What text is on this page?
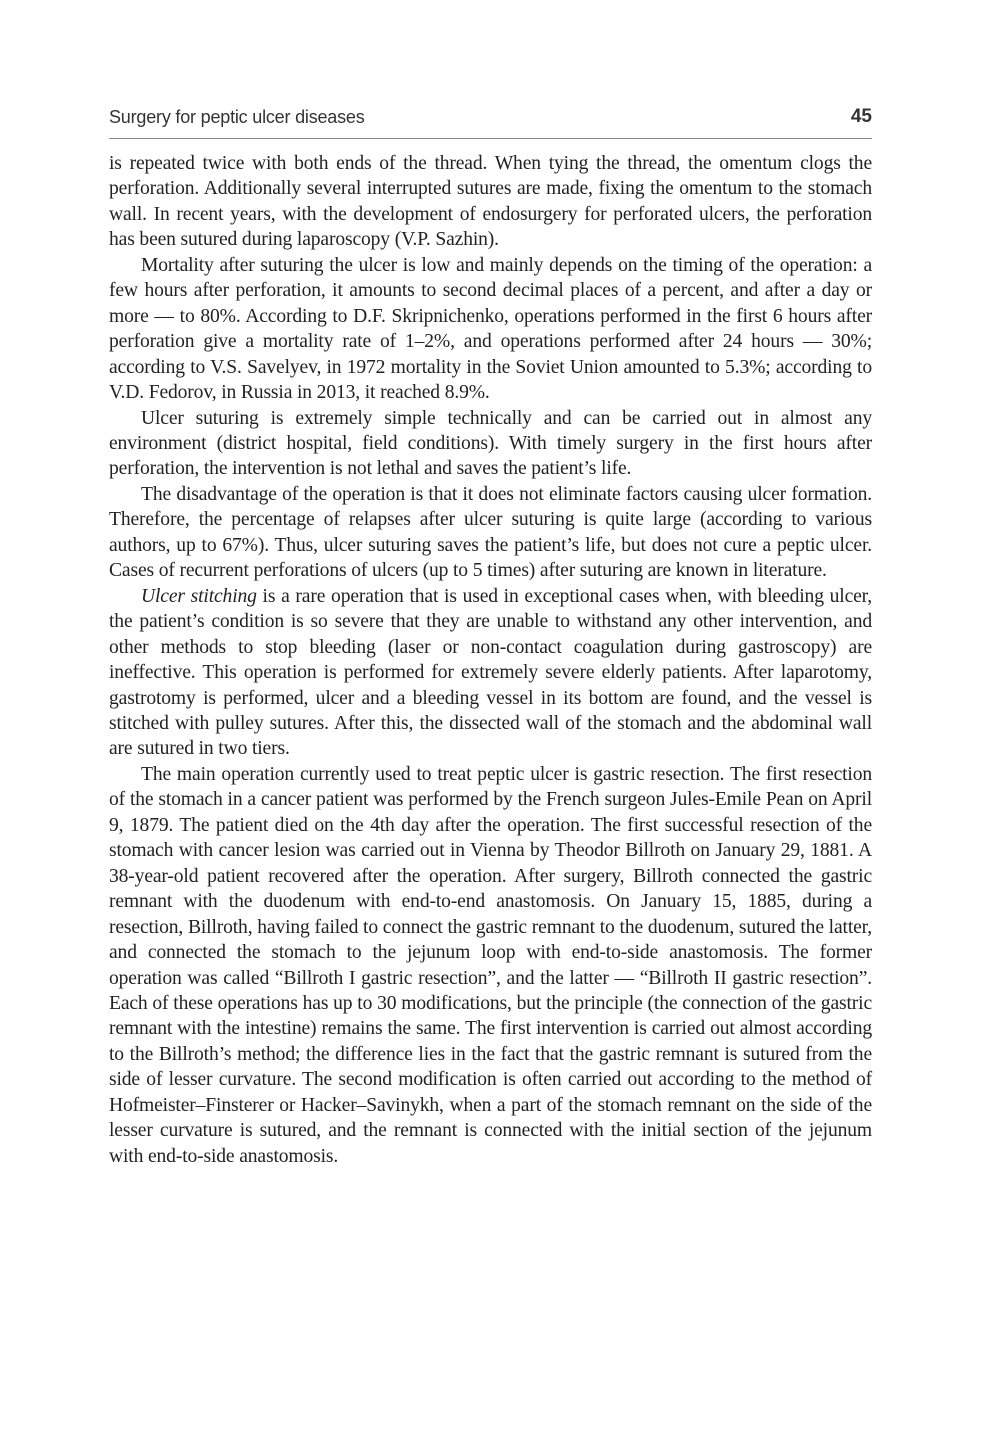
Surgery for peptic ulcer diseases	45

is repeated twice with both ends of the thread. When tying the thread, the omentum clogs the perforation. Additionally several interrupted sutures are made, fixing the omentum to the stomach wall. In recent years, with the development of endosurgery for perforated ulcers, the perforation has been sutured during laparoscopy (V.P. Sazhin).

Mortality after suturing the ulcer is low and mainly depends on the timing of the operation: a few hours after perforation, it amounts to second decimal places of a percent, and after a day or more — to 80%. According to D.F. Skripnichenko, operations performed in the first 6 hours after perforation give a mortality rate of 1–2%, and operations performed after 24 hours — 30%; according to V.S. Savelyev, in 1972 mortality in the Soviet Union amounted to 5.3%; according to V.D. Fedorov, in Russia in 2013, it reached 8.9%.

Ulcer suturing is extremely simple technically and can be carried out in almost any environment (district hospital, field conditions). With timely surgery in the first hours after perforation, the intervention is not lethal and saves the patient’s life.

The disadvantage of the operation is that it does not eliminate factors causing ulcer formation. Therefore, the percentage of relapses after ulcer suturing is quite large (according to various authors, up to 67%). Thus, ulcer suturing saves the patient’s life, but does not cure a peptic ulcer. Cases of recurrent perforations of ulcers (up to 5 times) after suturing are known in literature.

Ulcer stitching is a rare operation that is used in exceptional cases when, with bleeding ulcer, the patient’s condition is so severe that they are unable to withstand any other intervention, and other methods to stop bleeding (laser or non-contact coagulation during gastroscopy) are ineffective. This operation is performed for extremely severe elderly patients. After laparotomy, gastrotomy is performed, ulcer and a bleeding vessel in its bottom are found, and the vessel is stitched with pulley sutures. After this, the dissected wall of the stomach and the abdominal wall are sutured in two tiers.

The main operation currently used to treat peptic ulcer is gastric resection. The first resection of the stomach in a cancer patient was performed by the French surgeon Jules-Emile Pean on April 9, 1879. The patient died on the 4th day after the operation. The first successful resection of the stomach with cancer lesion was carried out in Vienna by Theodor Billroth on January 29, 1881. A 38-year-old patient recovered after the operation. After surgery, Billroth connected the gastric remnant with the duodenum with end-to-end anastomosis. On January 15, 1885, during a resection, Billroth, having failed to connect the gastric remnant to the duodenum, sutured the latter, and connected the stomach to the jejunum loop with end-to-side anastomosis. The former operation was called “Billroth I gastric resection”, and the latter — “Billroth II gastric resection”. Each of these operations has up to 30 modifications, but the principle (the connection of the gastric remnant with the intestine) remains the same. The first intervention is carried out almost according to the Billroth’s method; the difference lies in the fact that the gastric remnant is sutured from the side of lesser curvature. The second modification is often carried out according to the method of Hofmeister–Finsterer or Hacker–Savinykh, when a part of the stomach remnant on the side of the lesser curvature is sutured, and the remnant is connected with the initial section of the jejunum with end-to-side anastomosis.
